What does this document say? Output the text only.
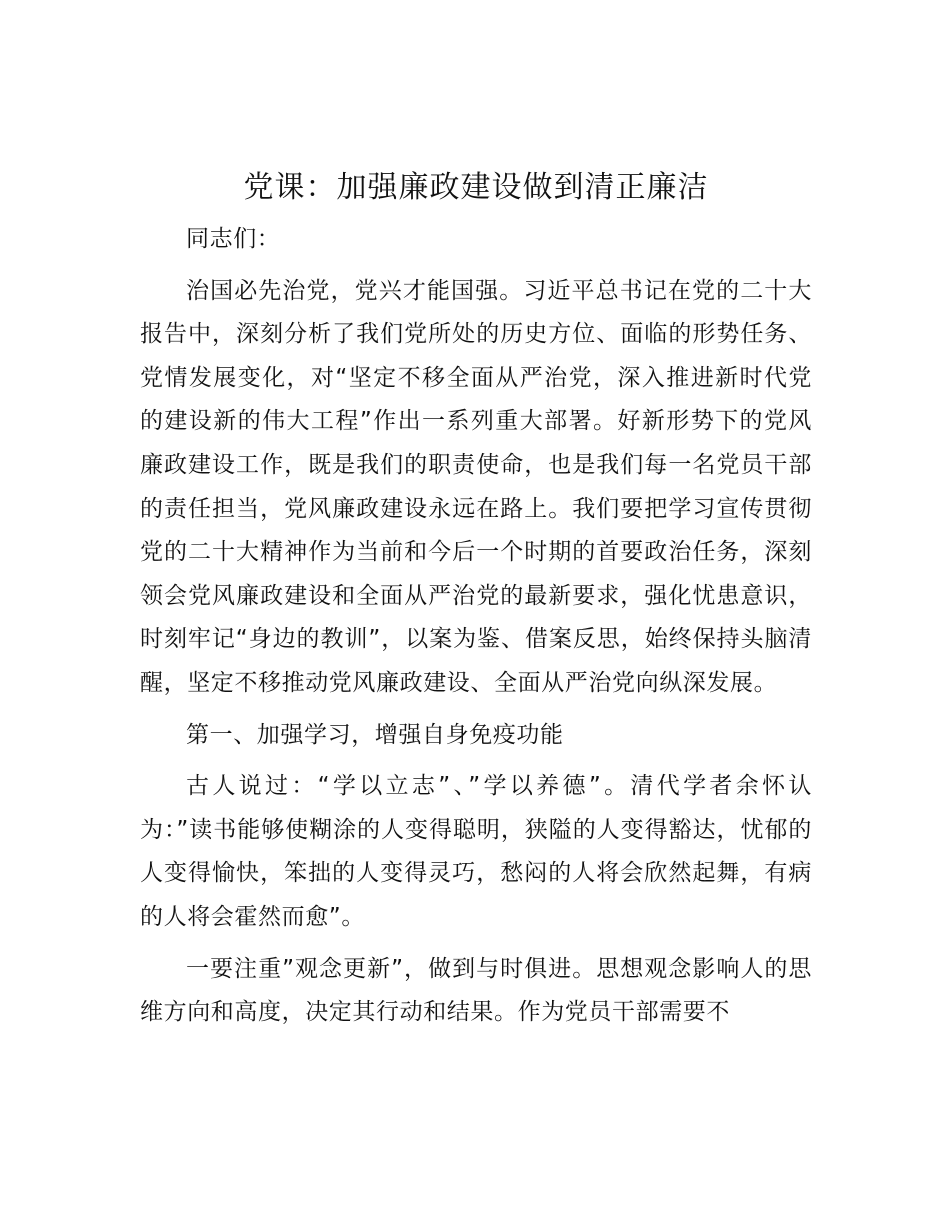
党课：加强廉政建设做到清正廉洁

同志们：

治国必先治党，党兴才能国强。习近平总书记在党的二十大报告中，深刻分析了我们党所处的历史方位、面临的形势任务、党情发展变化，对“坚定不移全面从严治党，深入推进新时代党的建设新的伟大工程”作出一系列重大部署。好新形势下的党风廉政建设工作，既是我们的职责使命，也是我们每一名党员干部的责任担当，党风廉政建设永远在路上。我们要把学习宣传贯彻党的二十大精神作为当前和今后一个时期的首要政治任务，深刻领会党风廉政建设和全面从严治党的最新要求，强化忧患意识，时刻牢记“身边的教训”，以案为鉴、借案反思，始终保持头脑清醒，坚定不移推动党风廉政建设、全面从严治党向纵深发展。

第一、加强学习，增强自身免疫功能

古人说过：“学以立志”、”学以养德”。清代学者余怀认为：”读书能够使糊涂的人变得聪明，狭隘的人变得豁达，忧郁的人变得愉快，笨拙的人变得灵巧，愁闷的人将会欣然起舞，有病的人将会霍然而愈”。

一要注重”观念更新”，做到与时俱进。思想观念影响人的思维方向和高度，决定其行动和结果。作为党员干部需要不
